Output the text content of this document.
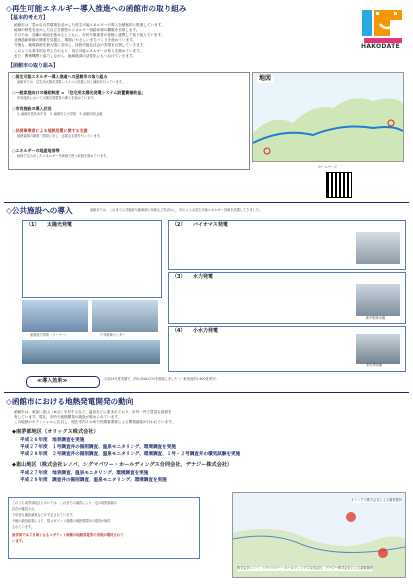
HAKODATE
◇再生可能エネルギー導入推進への函館市の取り組み
【基本的考え方】
函館市は、豊かな自然環境を活かした再生可能エネルギーの導入を積極的に推進しています。
地域の特性を活かした自立分散型のエネルギー供給体制の構築を目指します。
そのため、各種の取組を進めるとともに、市民や事業者の皆様と連携して取り組んでいます。
北海道新幹線の開業を見据え、環境にやさしいまちづくりを進めています。
今後も、地域資源を最大限に活用し、持続可能な社会の実現を目指していきます。
このような基本的な考え方のもと、再生可能エネルギーの導入を進めています。
また、関係機関と協力しながら、地域経済の活性化にもつなげていきます。
【函館市の取り組み】
○再生可能エネルギー導入推進への函館市の取り組み
函館市では、住宅用太陽光発電システムの設置に対し補助を行っています。
○一般家庭向けの補助制度 ⇒ 「住宅用太陽光発電システム設置費補助金」
市有施設において太陽光発電等の導入を進めています。
○市有施設の導入状況
1. 函館市役所本庁舎　2. 函館市立小学校　3. 函館市民会館
○民間事業者による地熱発電に関する支援
地熱資源の調査・開発に対し、必要な支援を行っています。
○エネルギーの地産地消等
地域で生み出したエネルギーを地域で使う取組を進めています。
地図
ホームページ
◇公共施設への導入	函館市では、これまで公共施設や臨海部の用地などを活かし、次のような再生可能エネルギー設備を設置してきました。
（1） 太陽光発電
旭岡風力発電（ソーラー）	戸井地域センター
（2） バイオマス発電
（3） 水力発電
新中野浄水場
（4） 小水力発電
赤川浄水場
≪導入効果≫	平成24年度実績で、約9,000t-CO2を削減しました（一般家庭約1,600世帯分）
◇函館市における地熱発電開発の動向
函館市は、東部に恵山（※山）を有するなど、温泉などに恵まれており、市内一円で豊富な資源を
有しています。現在、各所で地熱開発の調査が進められています。
この地熱のポテンシャルに注目し、現在市内２か所で民間事業者による開発調査が行われています。
◆南茅部地区（オリックス株式会社）
平成２６年度　地表調査を実施
平成２７年度　１号調査井の掘削調査、温泉モニタリング、環境調査を実施
平成２８年度　２号調査井の掘削調査、温泉モニタリング、環境調査、１号・２号調査井の噴気試験を実施
◆恵山地区（株式会社レノバ、シグマパワー・ホールディングス合同会社、デナジー株式会社）
平成２７年度　地表調査、温泉モニタリング、環境調査を実施
平成２８年度　調査井の掘削調査、温泉モニタリング、環境調査を実施
このうち南茅部地区においては、これまでの調査により一定の地熱資源の
存在が確認され、
今年度も継続調査などが予定されています。
今後の調査結果により、数メガワット規模の地熱発電所の建設が検討
されています。
南茅部では２月頃となるメガワット規模の地熱発電所の実現が期待されて
います。
オリックス株式会社による調査箇所
株式会社レノバ、シグマパワー・ホールディングス合同会社、デナジー株式会社による調査箇所
